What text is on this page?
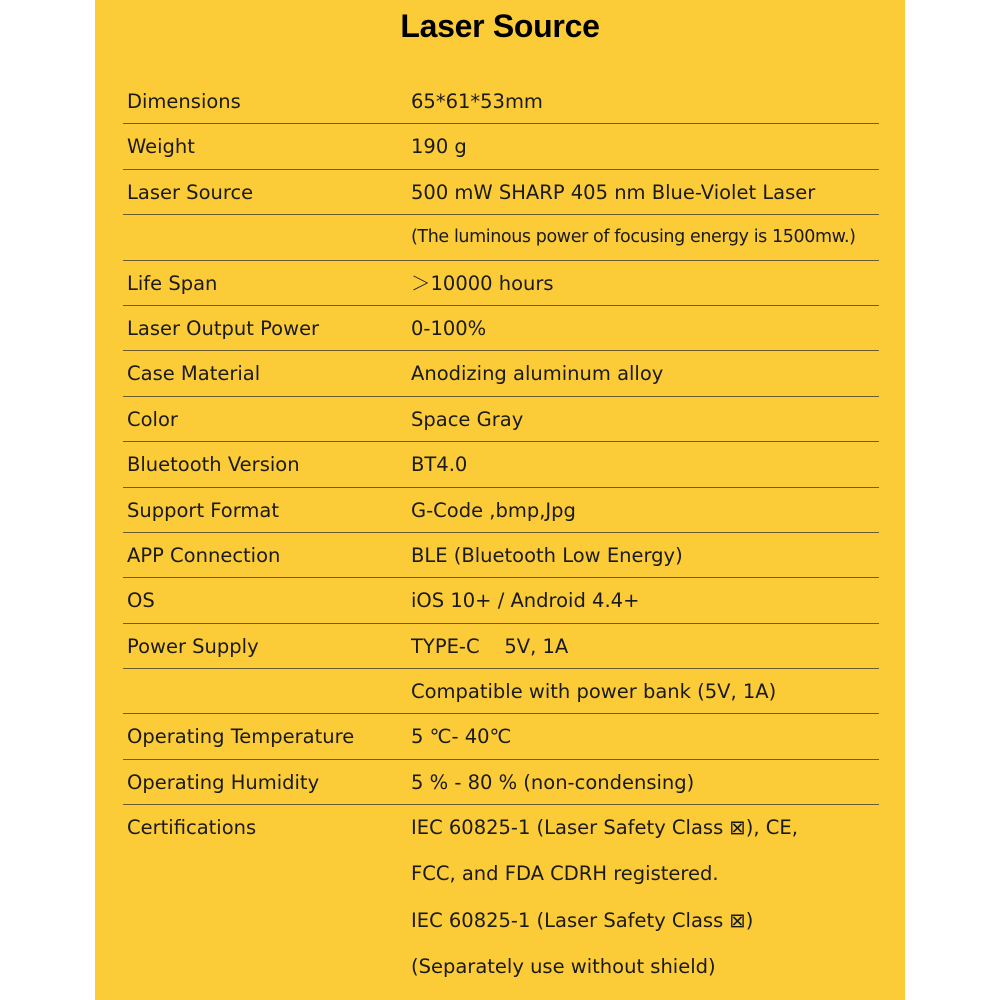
Laser Source
Dimensions	65*61*53mm
Weight	190 g
Laser Source	500 mW SHARP 405 nm Blue-Violet Laser
(The luminous power of focusing energy is 1500mw.)
Life Span	＞10000 hours
Laser Output Power	0-100%
Case Material	Anodizing aluminum alloy
Color	Space Gray
Bluetooth Version	BT4.0
Support Format	G-Code ,bmp,Jpg
APP Connection	BLE (Bluetooth Low Energy)
OS	iOS 10+ / Android 4.4+
Power Supply	TYPE-C    5V, 1A
Compatible with power bank (5V, 1A)
Operating Temperature	5 ℃- 40℃
Operating Humidity	5 % - 80 % (non-condensing)
Certifications	IEC 60825-1 (Laser Safety Class ⊠), CE,
FCC, and FDA CDRH registered.
IEC 60825-1 (Laser Safety Class ⊠)
(Separately use without shield)
